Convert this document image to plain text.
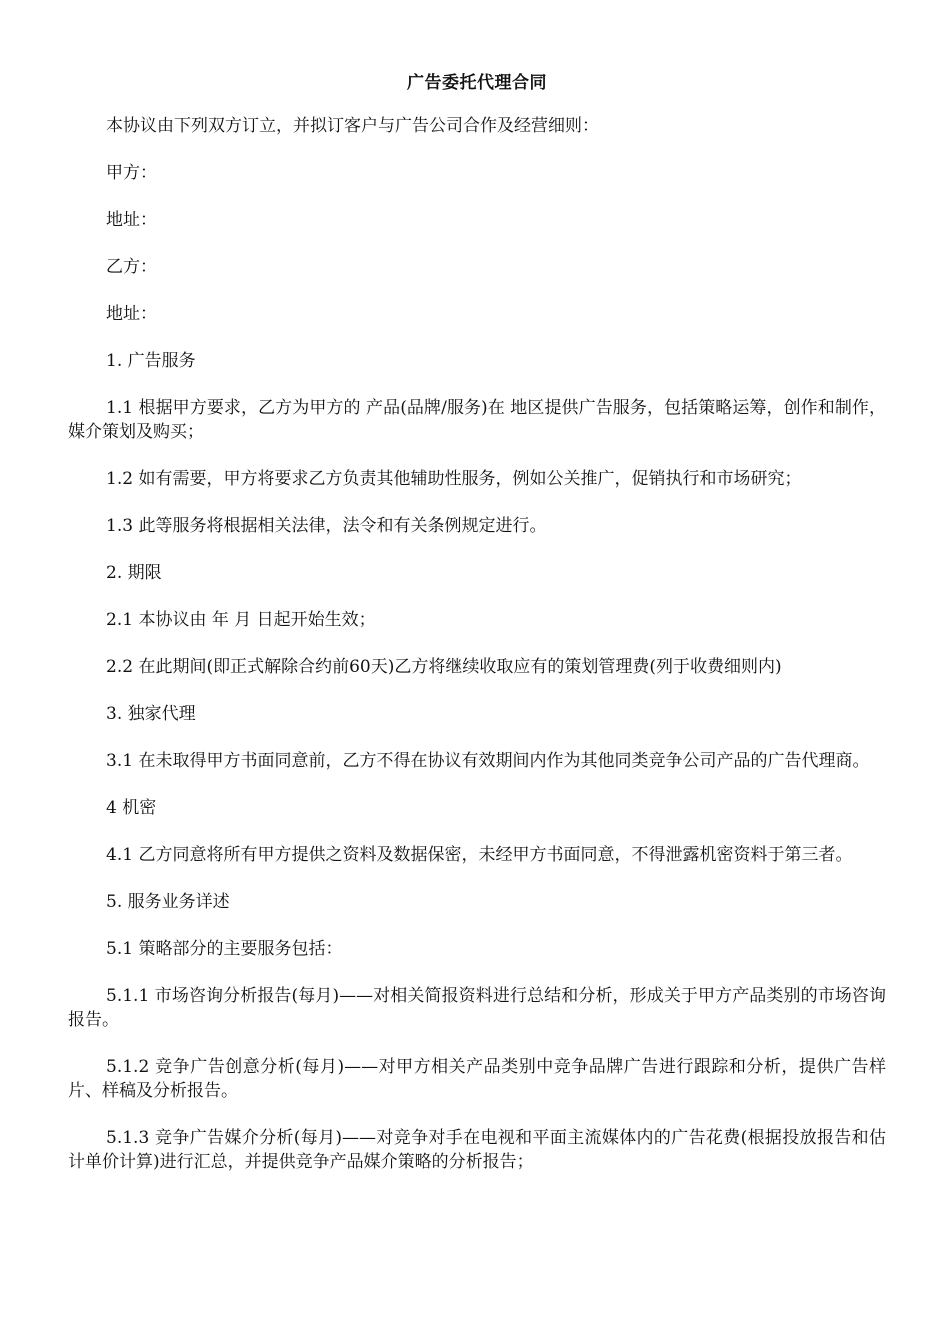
广告委托代理合同

本协议由下列双方订立，并拟订客户与广告公司合作及经营细则：

甲方：

地址：

乙方：

地址：

1. 广告服务

1.1 根据甲方要求，乙方为甲方的 产品(品牌/服务)在 地区提供广告服务，包括策略运筹，创作和制作，媒介策划及购买；

1.2 如有需要，甲方将要求乙方负责其他辅助性服务，例如公关推广，促销执行和市场研究；

1.3 此等服务将根据相关法律，法令和有关条例规定进行。

2. 期限

2.1 本协议由 年 月 日起开始生效；

2.2 在此期间(即正式解除合约前60天)乙方将继续收取应有的策划管理费(列于收费细则内)

3. 独家代理

3.1 在未取得甲方书面同意前，乙方不得在协议有效期间内作为其他同类竞争公司产品的广告代理商。

4 机密

4.1 乙方同意将所有甲方提供之资料及数据保密，未经甲方书面同意，不得泄露机密资料于第三者。

5. 服务业务详述

5.1 策略部分的主要服务包括：

5.1.1 市场咨询分析报告(每月)——对相关简报资料进行总结和分析，形成关于甲方产品类别的市场咨询报告。

5.1.2 竞争广告创意分析(每月)——对甲方相关产品类别中竞争品牌广告进行跟踪和分析，提供广告样片、样稿及分析报告。

5.1.3 竞争广告媒介分析(每月)——对竞争对手在电视和平面主流媒体内的广告花费(根据投放报告和估计单价计算)进行汇总，并提供竞争产品媒介策略的分析报告；
